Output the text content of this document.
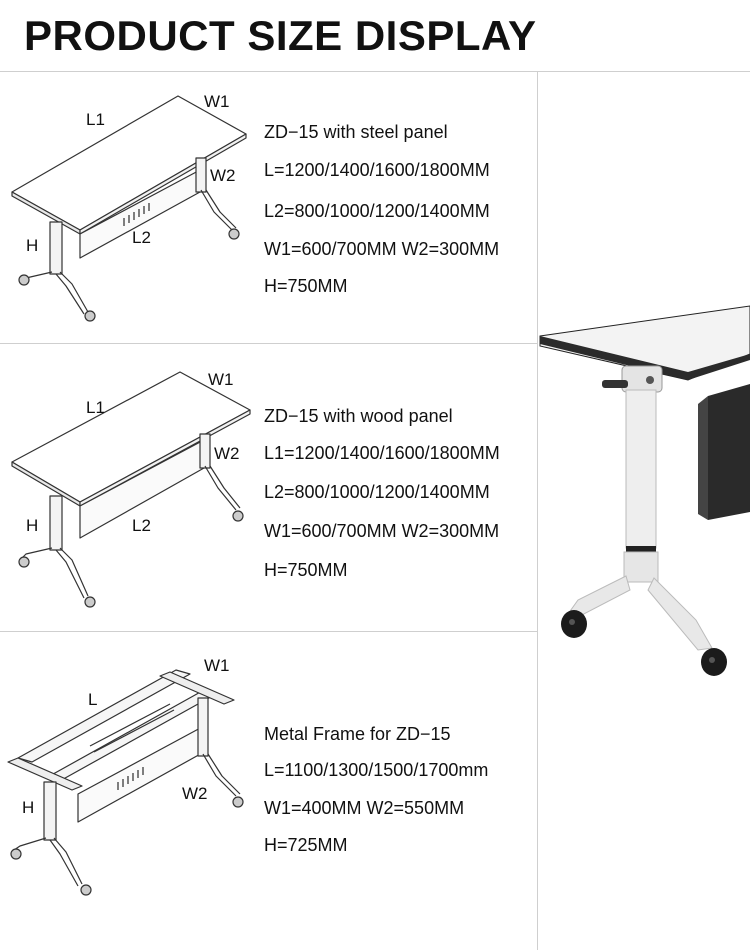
PRODUCT SIZE DISPLAY
L1
W1
W2
L2
H
ZD−15 with steel panel
L=1200/1400/1600/1800MM
L2=800/1000/1200/1400MM
W1=600/700MM W2=300MM
H=750MM
L1
W1
W2
L2
H
ZD−15 with wood panel
L1=1200/1400/1600/1800MM
L2=800/1000/1200/1400MM
W1=600/700MM W2=300MM
H=750MM
L
W1
W2
H
Metal Frame for ZD−15
L=1100/1300/1500/1700mm
W1=400MM W2=550MM
H=725MM
